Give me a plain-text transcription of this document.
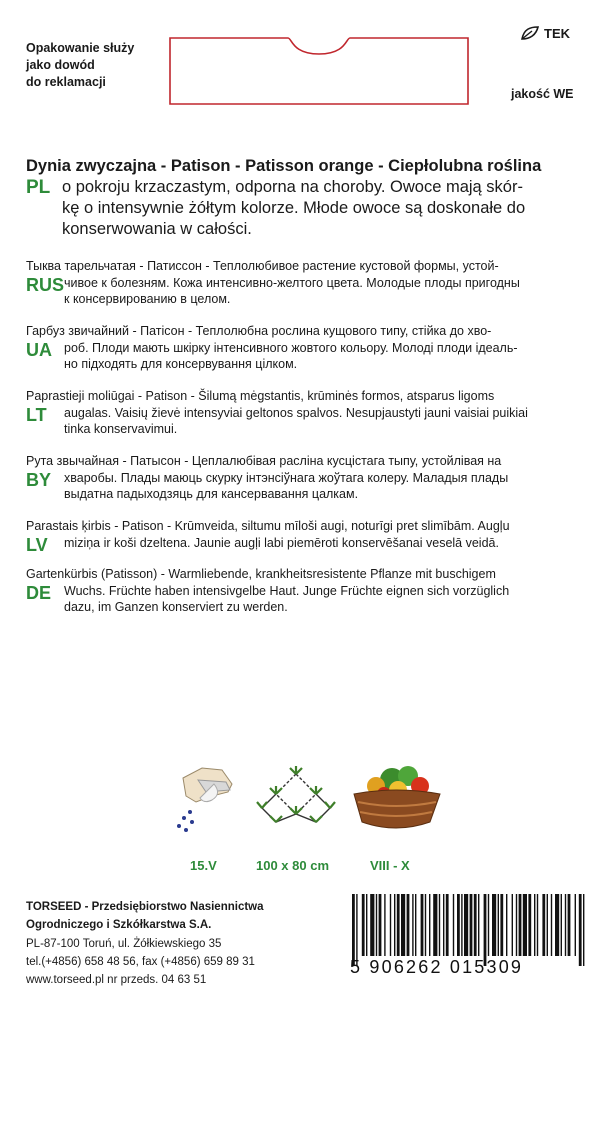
Opakowanie służy
jako dowód
do reklamacji
TEK
jakość WE
PL
Dynia zwyczajna - Patison - Patisson orange - Ciepłolubna roślina
o pokroju krzaczastym, odporna na choroby. Owoce mają skór-
kę o intensywnie żółtym kolorze. Młode owoce są doskonałe do
konserwowania w całości.
RUS
Тыква тарельчатая - Патиссон - Теплолюбивое растение кустовой формы, устой-
чивое к болезням. Кожа интенсивно-желтого цвета. Молодые плоды пригодны
к консервированию в целом.
UA
Гарбуз звичайний - Патісон - Теплолюбна рослина кущового типу, стійка до хво-
роб. Плоди мають шкірку інтенсивного жовтого кольору. Молоді плоди ідеаль-
но підходять для консервування цілком.
LT
Paprastieji moliūgai - Patison - Šilumą mėgstantis, krūminės formos, atsparus ligoms
augalas. Vaisių žievė intensyviai geltonos spalvos. Nesupjaustyti jauni vaisiai puikiai
tinka konservavimui.
BY
Рута звычайная - Патысон - Цеплалюбівая расліна кусцістага тыпу, устойлівая на
хваробы. Плады маюць скурку інтэнсіўнага жоўтага колеру. Маладыя плады
выдатна падыходзяць для кансервавання цалкам.
LV
Parastais ķirbis - Patison - Krūmveida, siltumu mīloši augi, noturīgi pret slimībām. Augļu
miziņa ir koši dzeltena. Jaunie augļi labi piemēroti konservēšanai veselā veidā.
DE
Gartenkürbis (Patisson) - Warmliebende, krankheitsresistente Pflanze mit buschigem
Wuchs. Früchte haben intensivgelbe Haut. Junge Früchte eignen sich vorzüglich
dazu, im Ganzen konserviert zu werden.
15.V	100 x 80 cm	VIII - X
TORSEED - Przedsiębiorstwo Nasiennictwa
Ogrodniczego i Szkółkarstwa S.A.
PL-87-100 Toruń, ul. Żółkiewskiego 35
tel.(+4856) 658 48 56, fax (+4856) 659 89 31
www.torseed.pl nr przeds. 04 63 51
5 906262 015309
